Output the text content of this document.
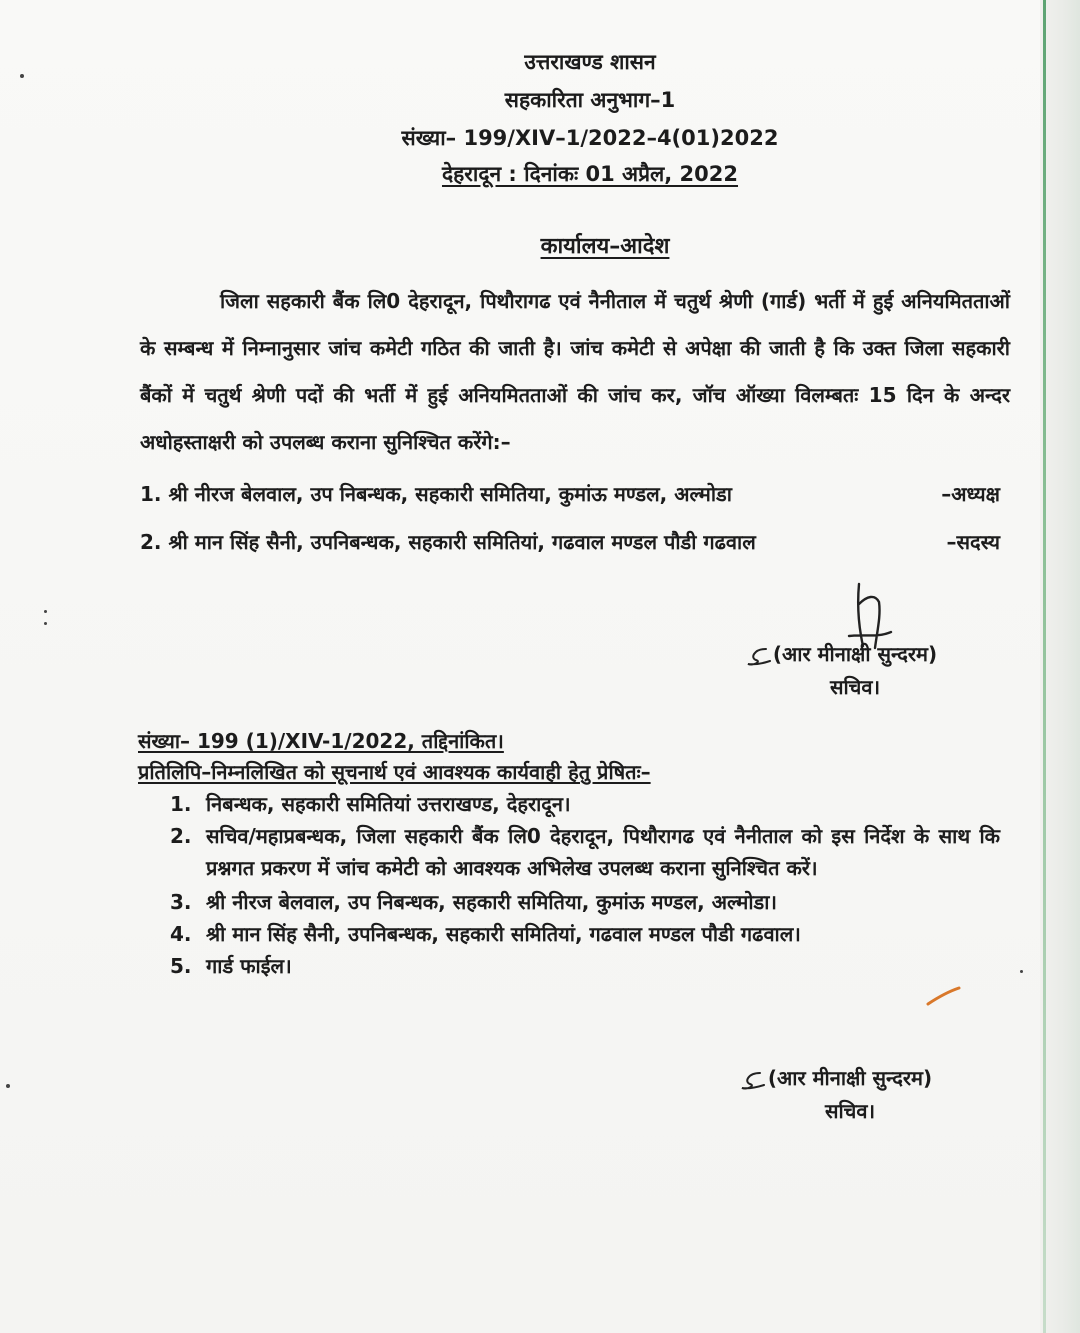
उत्तराखण्ड शासन
सहकारिता अनुभाग–1
संख्या– 199/XIV–1/2022–4(01)2022
देहरादून : दिनांकः 01 अप्रैल, 2022
कार्यालय–आदेश
जिला सहकारी बैंक लि0 देहरादून, पिथौरागढ एवं नैनीताल में चतुर्थ श्रेणी (गार्ड) भर्ती में हुई अनियमितताओं के सम्बन्ध में निम्नानुसार जांच कमेटी गठित की जाती है। जांच कमेटी से अपेक्षा की जाती है कि उक्त जिला सहकारी बैंकों में चतुर्थ श्रेणी पदों की भर्ती में हुई अनियमितताओं की जांच कर, जॉच ऑख्या विलम्बतः 15 दिन के अन्दर अधोहस्ताक्षरी को उपलब्ध कराना सुनिश्चित करेंगे:–
1. श्री नीरज बेलवाल, उप निबन्धक, सहकारी समितिया, कुमांऊ मण्डल, अल्मोडा	–अध्यक्ष
2. श्री मान सिंह सैनी, उपनिबन्धक, सहकारी समितियां, गढवाल मण्डल पौडी गढवाल	–सदस्य
(आर मीनाक्षी सुन्दरम)
सचिव।
संख्या– 199 (1)/XIV-1/2022, तद्दिनांकित।
प्रतिलिपि–निम्नलिखित को सूचनार्थ एवं आवश्यक कार्यवाही हेतु प्रेषितः–
1. निबन्धक, सहकारी समितियां उत्तराखण्ड, देहरादून।
2. सचिव/महाप्रबन्धक, जिला सहकारी बैंक लि0 देहरादून, पिथौरागढ एवं नैनीताल को इस निर्देश के साथ कि प्रश्नगत प्रकरण में जांच कमेटी को आवश्यक अभिलेख उपलब्ध कराना सुनिश्चित करें।
3. श्री नीरज बेलवाल, उप निबन्धक, सहकारी समितिया, कुमांऊ मण्डल, अल्मोडा।
4. श्री मान सिंह सैनी, उपनिबन्धक, सहकारी समितियां, गढवाल मण्डल पौडी गढवाल।
5. गार्ड फाईल।
(आर मीनाक्षी सुन्दरम)
सचिव।
